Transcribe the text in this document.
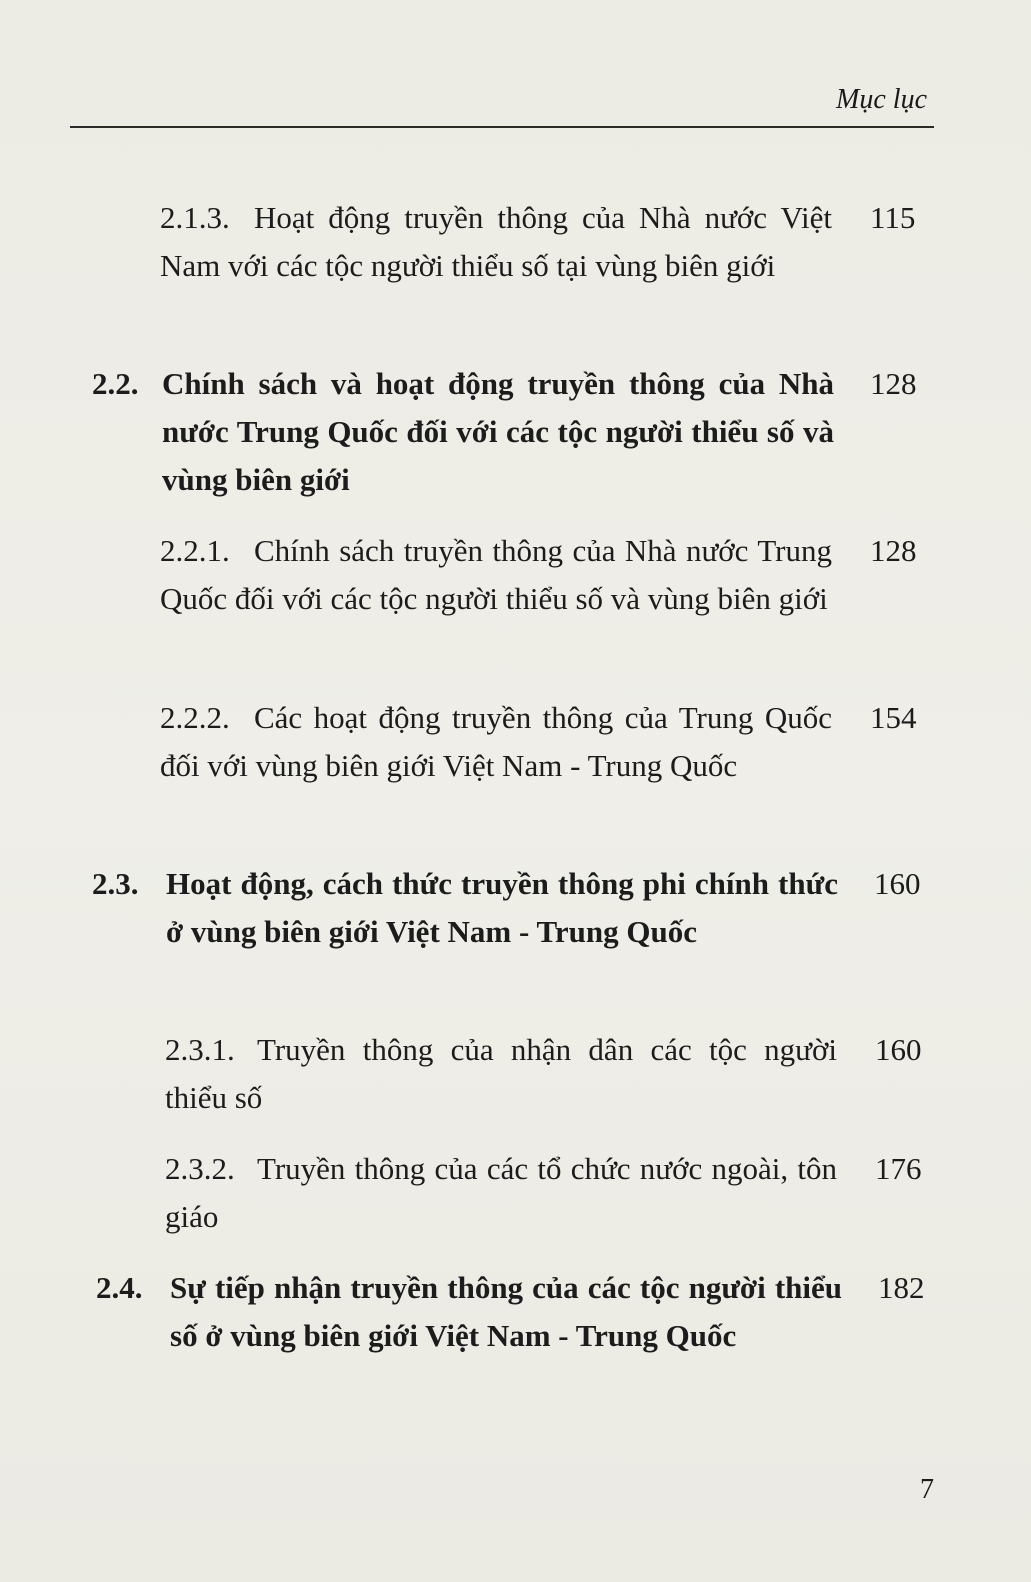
Mục lục
2.1.3. Hoạt động truyền thông của Nhà nước Việt Nam với các tộc người thiểu số tại vùng biên giới
115
2.2. Chính sách và hoạt động truyền thông của Nhà nước Trung Quốc đối với các tộc người thiểu số và vùng biên giới
128
2.2.1. Chính sách truyền thông của Nhà nước Trung Quốc đối với các tộc người thiểu số và vùng biên giới
128
2.2.2. Các hoạt động truyền thông của Trung Quốc đối với vùng biên giới Việt Nam - Trung Quốc
154
2.3. Hoạt động, cách thức truyền thông phi chính thức ở vùng biên giới Việt Nam - Trung Quốc
160
2.3.1. Truyền thông của nhận dân các tộc người thiểu số
160
2.3.2. Truyền thông của các tổ chức nước ngoài, tôn giáo
176
2.4. Sự tiếp nhận truyền thông của các tộc người thiểu số ở vùng biên giới Việt Nam - Trung Quốc
182
7
